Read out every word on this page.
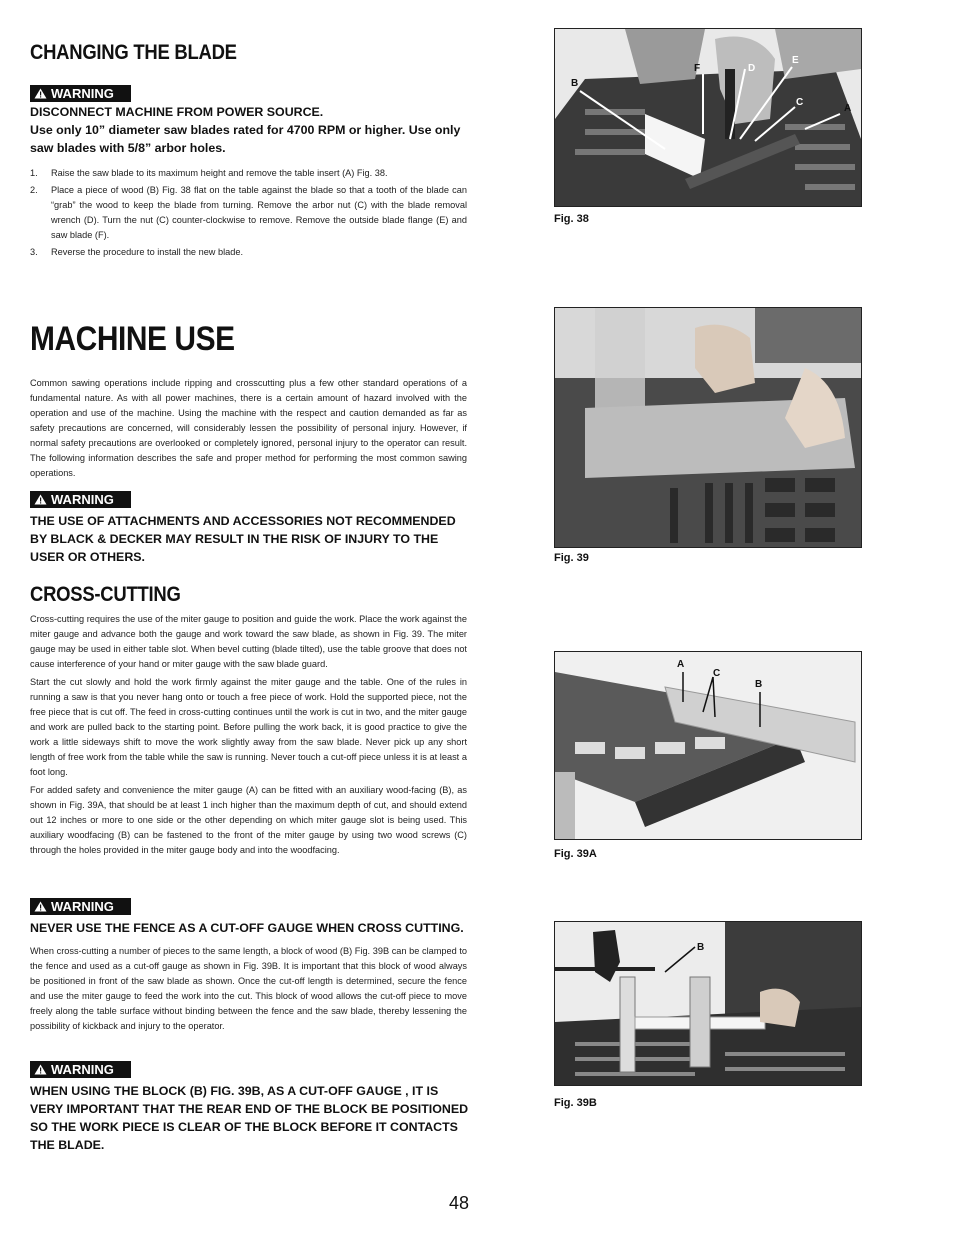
CHANGING THE BLADE
WARNING
DISCONNECT MACHINE FROM POWER SOURCE.
Use only 10” diameter saw blades rated for 4700 RPM or higher. Use only saw blades with 5/8” arbor holes.
1.	Raise the saw blade to its maximum height and remove the table insert (A) Fig. 38.
2.	Place a piece of wood (B) Fig. 38 flat on the table against the blade so that a tooth of the blade can “grab” the wood to keep the blade from turning. Remove the arbor nut (C) with the blade removal wrench (D). Turn the nut (C) counter-clockwise to remove. Remove the outside blade flange (E) and saw blade (F).
3.	Reverse the procedure to install the new blade.
MACHINE USE

Common sawing operations include ripping and crosscutting plus a few other standard operations of a fundamental nature. As with all power machines, there is a certain amount of hazard involved with the operation and use of the machine. Using the machine with the respect and caution demanded as far as safety precautions are concerned, will considerably lessen the possibility of personal injury. However, if normal safety precautions are overlooked or completely ignored, personal injury to the operator can result. The following information describes the safe and proper method for performing the most common sawing operations.

WARNING
THE USE OF ATTACHMENTS AND ACCESSORIES NOT RECOMMENDED BY BLACK & DECKER MAY RESULT IN THE RISK OF INJURY TO THE USER OR OTHERS.
CROSS-CUTTING

Cross-cutting requires the use of the miter gauge to position and guide the work. Place the work against the miter gauge and advance both the gauge and work toward the saw blade, as shown in Fig. 39. The miter gauge may be used in either table slot. When bevel cutting (blade tilted), use the table groove that does not cause interference of your hand or miter gauge with the saw blade guard.

Start the cut slowly and hold the work firmly against the miter gauge and the table. One of the rules in running a saw is that you never hang onto or touch a free piece of work. Hold the supported piece, not the free piece that is cut off. The feed in cross-cutting continues until the work is cut in two, and the miter gauge and work are pulled back to the starting point. Before pulling the work back, it is good practice to give the work a little sideways shift to move the work slightly away from the saw blade. Never pick up any short length of free work from the table while the saw is running. Never touch a cut-off piece unless it is at least a foot long.

For added safety and convenience the miter gauge (A) can be fitted with an auxiliary wood-facing (B), as shown in Fig. 39A, that should be at least 1 inch higher than the maximum depth of cut, and should extend out 12 inches or more to one side or the other depending on which miter gauge slot is being used. This auxiliary woodfacing (B) can be fastened to the front of the miter gauge by using two wood screws (C) through the holes provided in the miter gauge body and into the woodfacing.

WARNING
NEVER USE THE FENCE AS A CUT-OFF GAUGE WHEN CROSS CUTTING.

When cross-cutting a number of pieces to the same length, a block of wood (B) Fig. 39B can be clamped to the fence and used as a cut-off gauge as shown in Fig. 39B. It is important that this block of wood always be positioned in front of the saw blade as shown. Once the cut-off length is determined, secure the fence and use the miter gauge to feed the work into the cut. This block of wood allows the cut-off piece to move freely along the table surface without binding between the fence and the saw blade, thereby lessening the possibility of kickback and injury to the operator.

WARNING
WHEN USING THE BLOCK (B) FIG. 39B, AS A CUT-OFF GAUGE , IT IS VERY IMPORTANT THAT THE REAR END OF THE BLOCK BE POSITIONED SO THE WORK PIECE IS CLEAR OF THE BLOCK BEFORE IT CONTACTS THE BLADE.
48
B
F	D
E
C
A
Fig. 38
Fig. 39
A
C
B
Fig. 39A
B
Fig. 39B
